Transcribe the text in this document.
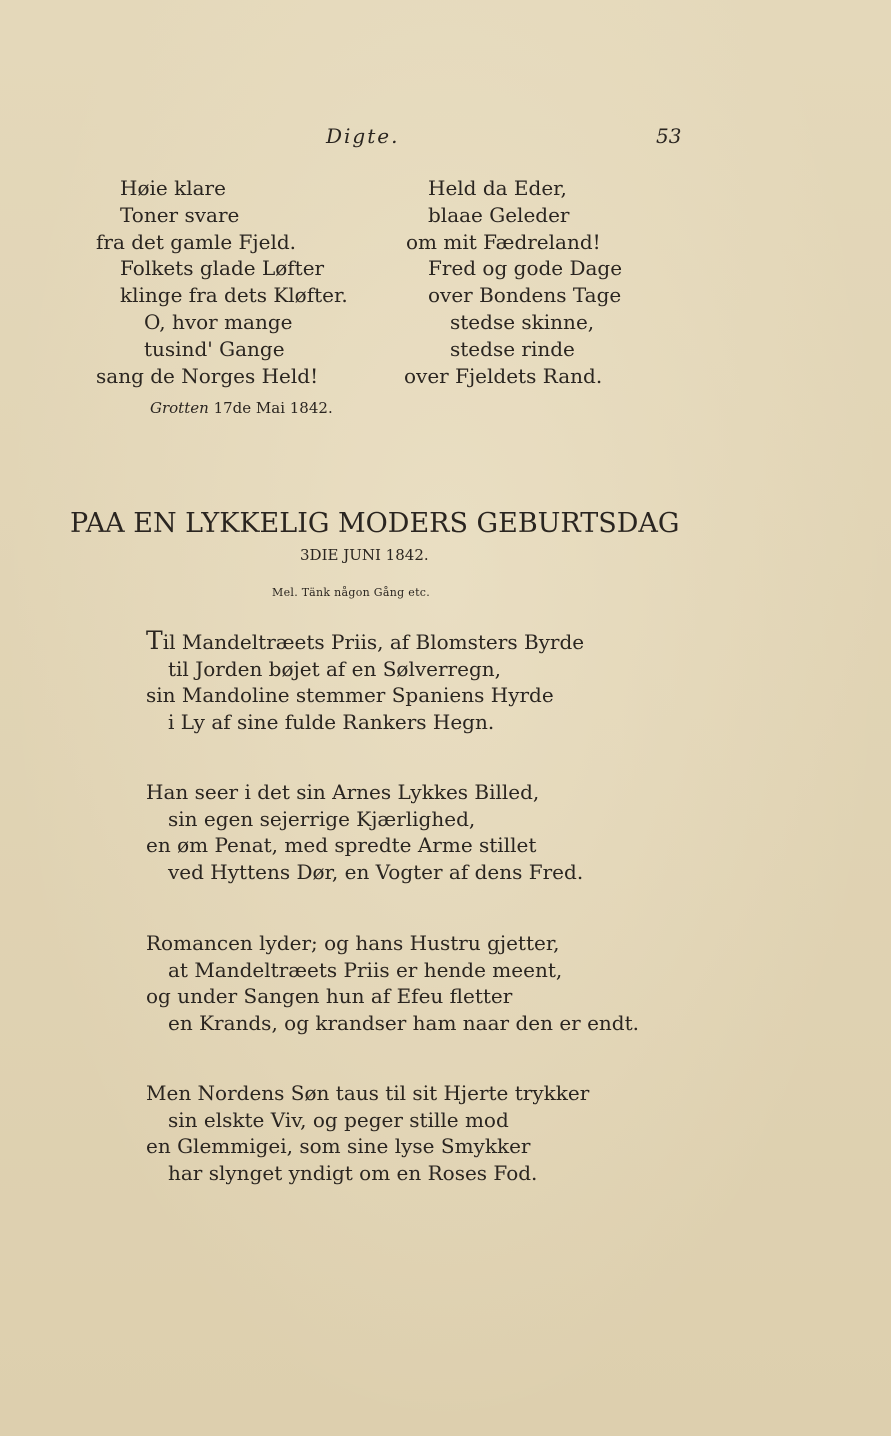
Digte.	53
Høie klare
Toner svare
fra det gamle Fjeld.
Folkets glade Løfter
klinge fra dets Kløfter.
O, hvor mange
tusind' Gange
sang de Norges Held!
Held da Eder,
blaae Geleder
om mit Fædreland!
Fred og gode Dage
over Bondens Tage
stedse skinne,
stedse rinde
over Fjeldets Rand.
Grotten 17de Mai 1842.
PAA EN LYKKELIG MODERS GEBURTSDAG
3DIE JUNI 1842.
Mel. Tänk någon Gång etc.
Til Mandeltræets Priis, af Blomsters Byrde
til Jorden bøjet af en Sølverregn,
sin Mandoline stemmer Spaniens Hyrde
i Ly af sine fulde Rankers Hegn.
Han seer i det sin Arnes Lykkes Billed,
sin egen sejerrige Kjærlighed,
en øm Penat, med spredte Arme stillet
ved Hyttens Dør, en Vogter af dens Fred.
Romancen lyder; og hans Hustru gjetter,
at Mandeltræets Priis er hende meent,
og under Sangen hun af Efeu fletter
en Krands, og krandser ham naar den er endt.
Men Nordens Søn taus til sit Hjerte trykker
sin elskte Viv, og peger stille mod
en Glemmigei, som sine lyse Smykker
har slynget yndigt om en Roses Fod.
